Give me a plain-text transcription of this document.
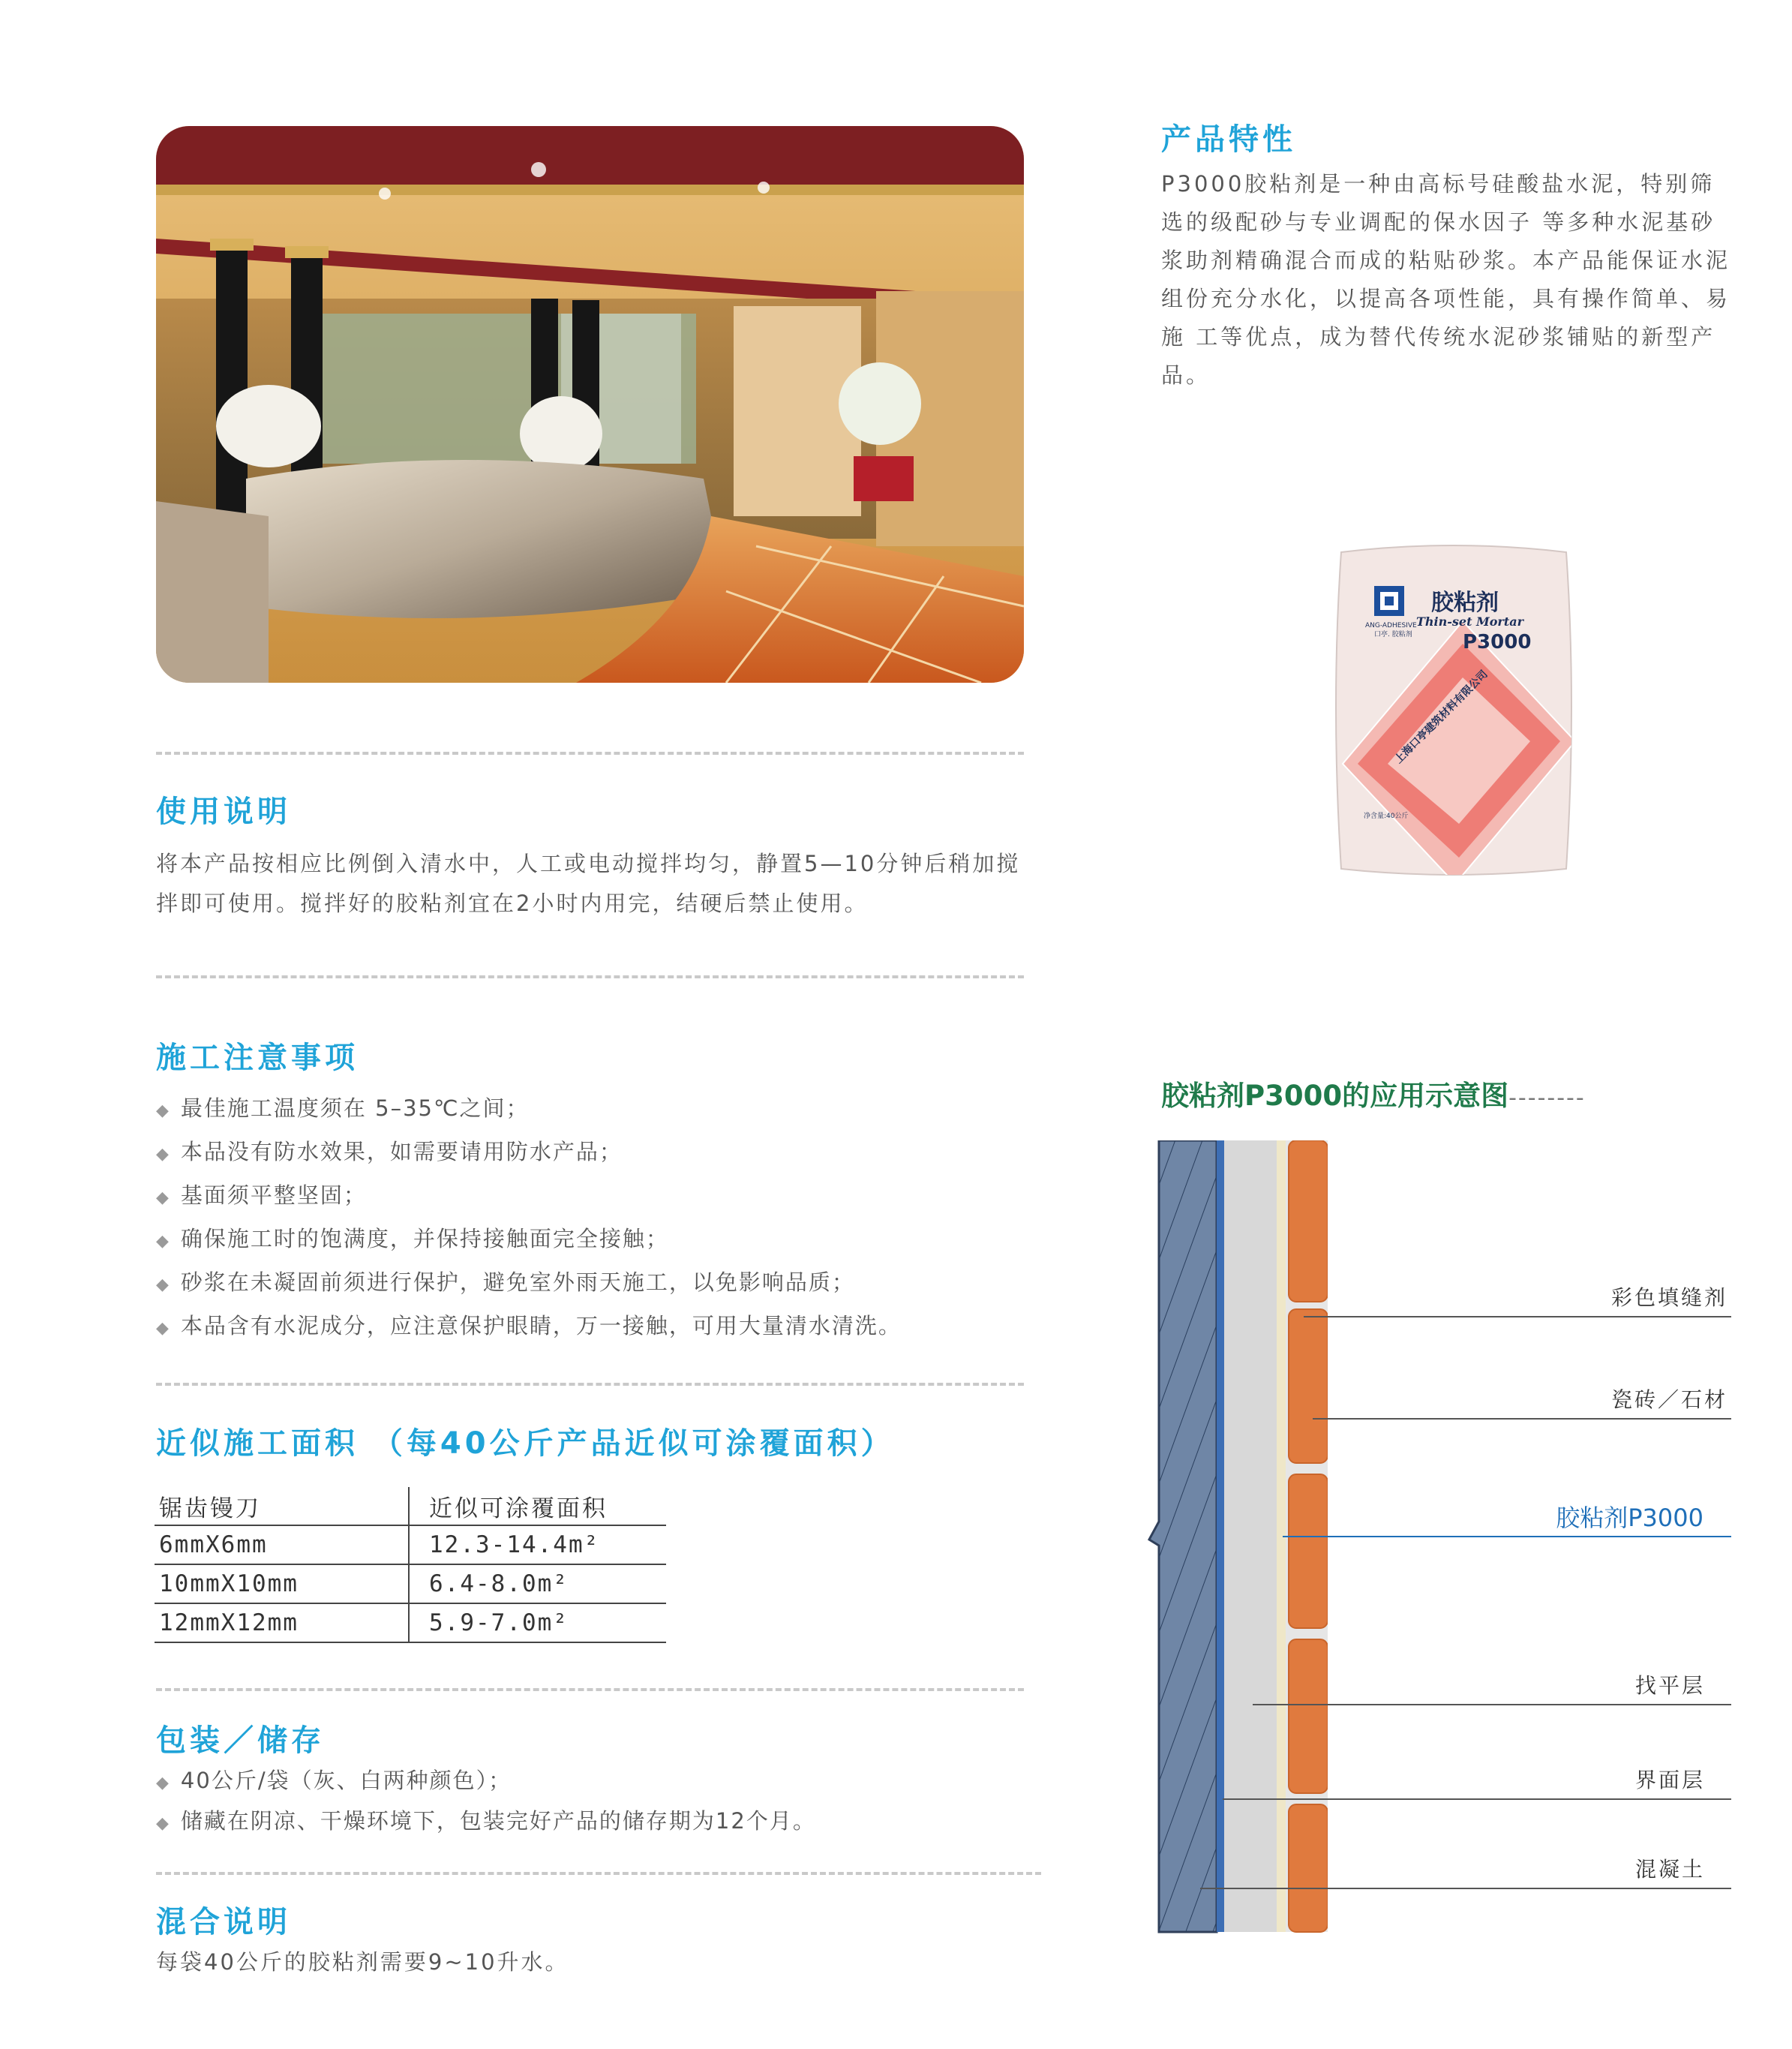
产品特性
P3000胶粘剂是一种由高标号硅酸盐水泥，特别筛选的级配砂与专业调配的保水因子 等多种水泥基砂浆助剂精确混合而成的粘贴砂浆。本产品能保证水泥组份充分水化，以提高各项性能，具有操作简单、易施 工等优点，成为替代传统水泥砂浆铺贴的新型产品。
ANG-ADHESIVE
口亭. 胶粘剂
胶粘剂
Thin-set Mortar
P3000
上海口亭建筑材料有限公司
净含量:40公斤
使用说明
将本产品按相应比例倒入清水中，人工或电动搅拌均匀，静置5—10分钟后稍加搅拌即可使用。搅拌好的胶粘剂宜在2小时内用完，结硬后禁止使用。
施工注意事项
◆ 最佳施工温度须在 5–35℃之间；
◆ 本品没有防水效果，如需要请用防水产品；
◆ 基面须平整坚固；
◆ 确保施工时的饱满度，并保持接触面完全接触；
◆ 砂浆在未凝固前须进行保护，避免室外雨天施工，以免影响品质；
◆ 本品含有水泥成分，应注意保护眼睛，万一接触，可用大量清水清洗。
近似施工面积 （每40公斤产品近似可涂覆面积）
锯齿镘刀	近似可涂覆面积
6mmX6mm	12.3-14.4m²
10mmX10mm	6.4-8.0m²
12mmX12mm	5.9-7.0m²
包装／储存
◆ 40公斤/袋（灰、白两种颜色）；
◆ 储藏在阴凉、干燥环境下，包装完好产品的储存期为12个月。
混合说明
每袋40公斤的胶粘剂需要9~10升水。
胶粘剂P3000的应用示意图--------
彩色填缝剂
瓷砖／石材
胶粘剂P3000
找平层
界面层
混凝土
